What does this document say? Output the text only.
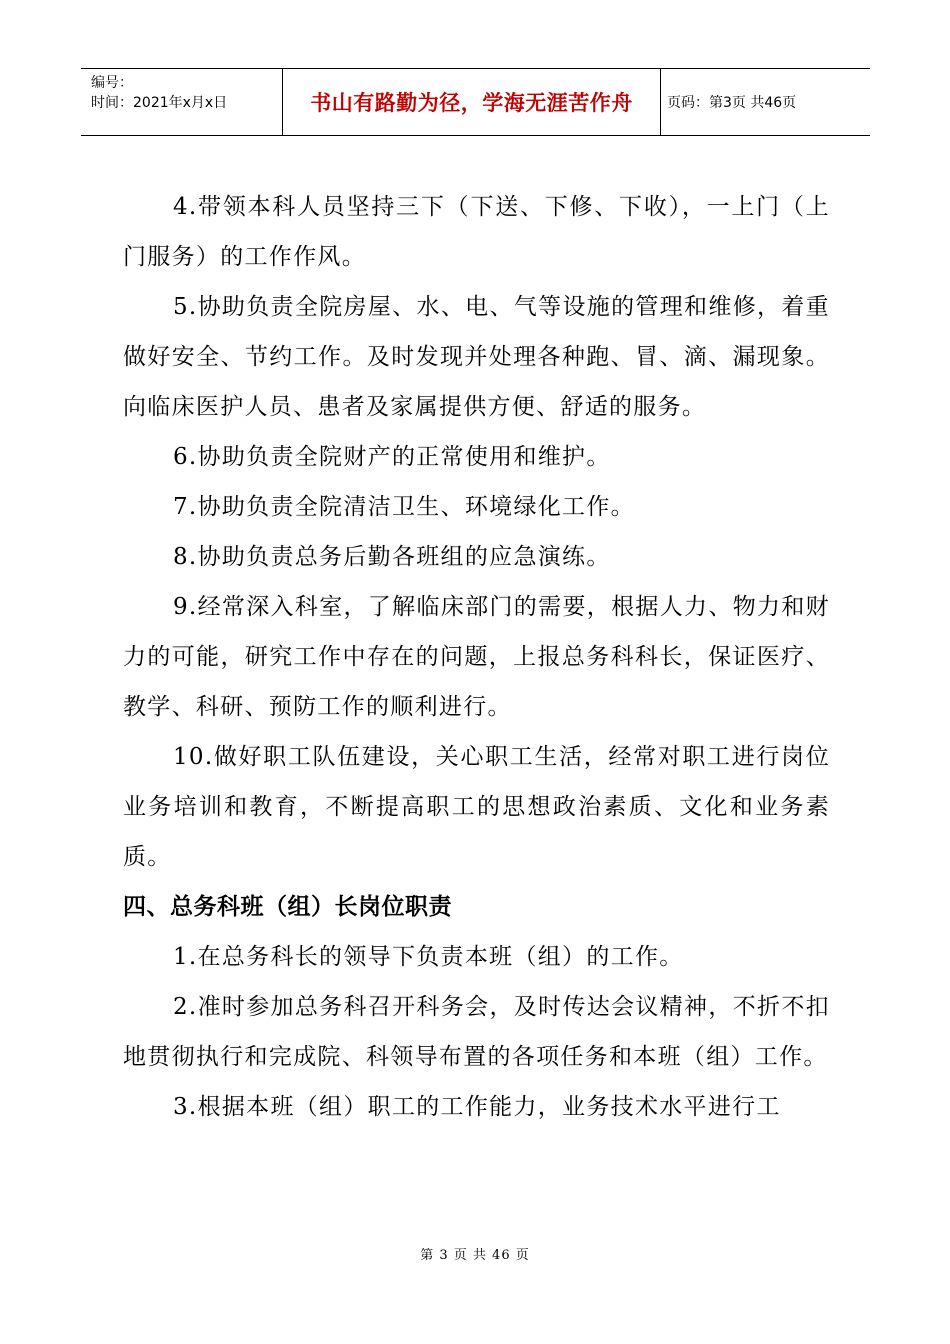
编号：
时间：2021年x月x日	书山有路勤为径，学海无涯苦作舟 页码：第3页 共46页

4.带领本科人员坚持三下（下送、下修、下收），一上门（上门服务）的工作作风。

5.协助负责全院房屋、水、电、气等设施的管理和维修，着重做好安全、节约工作。及时发现并处理各种跑、冒、滴、漏现象。向临床医护人员、患者及家属提供方便、舒适的服务。

6.协助负责全院财产的正常使用和维护。

7.协助负责全院清洁卫生、环境绿化工作。

8.协助负责总务后勤各班组的应急演练。

9.经常深入科室，了解临床部门的需要，根据人力、物力和财力的可能，研究工作中存在的问题，上报总务科科长，保证医疗、教学、科研、预防工作的顺利进行。

10.做好职工队伍建设，关心职工生活，经常对职工进行岗位业务培训和教育，不断提高职工的思想政治素质、文化和业务素质。

四、总务科班（组）长岗位职责

1.在总务科长的领导下负责本班（组）的工作。

2.准时参加总务科召开科务会，及时传达会议精神，不折不扣地贯彻执行和完成院、科领导布置的各项任务和本班（组）工作。

3.根据本班（组）职工的工作能力，业务技术水平进行工

第 3 页 共 46 页
